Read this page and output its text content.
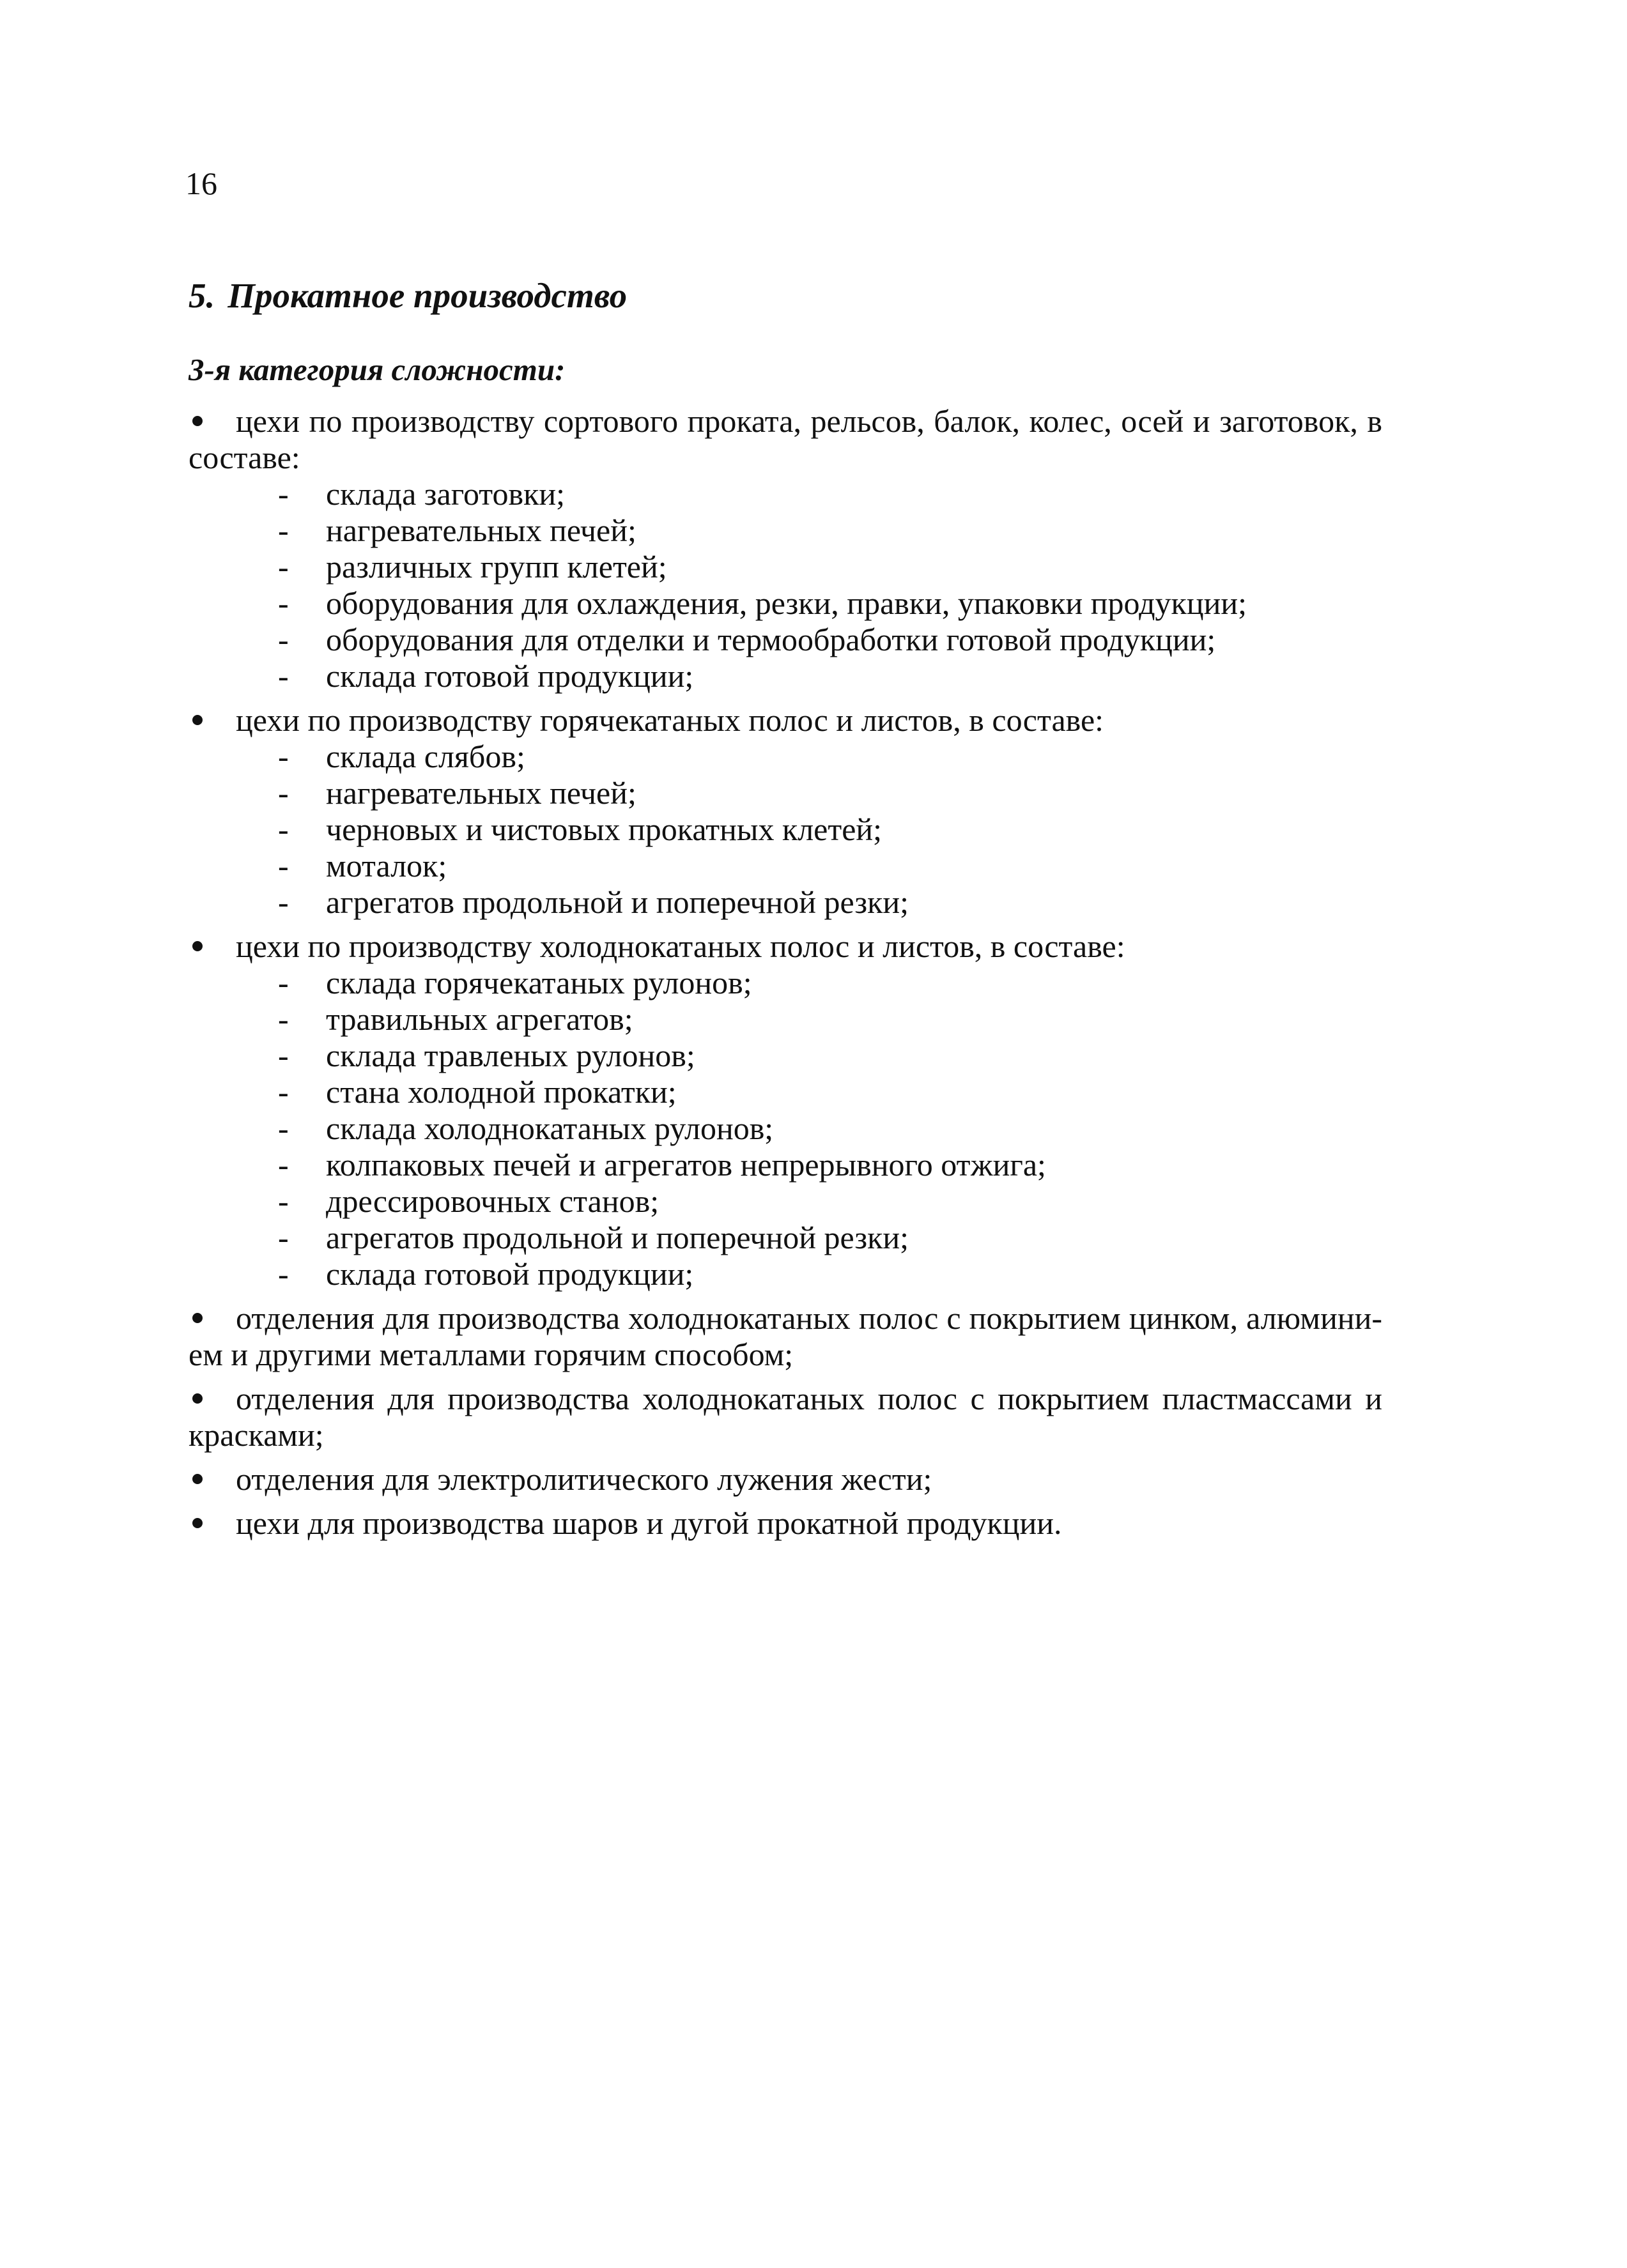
16
5. Прокатное производство
3-я категория сложности:
цехи по производству сортового проката, рельсов, балок, колес, осей и заготовок, в составе:
- склада заготовки;
- нагревательных печей;
- различных групп клетей;
- оборудования для охлаждения, резки, правки, упаковки продукции;
- оборудования для отделки и термообработки готовой продукции;
- склада готовой продукции;
цехи по производству горячекатаных полос и листов, в составе:
- склада слябов;
- нагревательных печей;
- черновых и чистовых прокатных клетей;
- моталок;
- агрегатов продольной и поперечной резки;
цехи по производству холоднокатаных полос и листов, в составе:
- склада горячекатаных рулонов;
- травильных агрегатов;
- склада травленых рулонов;
- стана холодной прокатки;
- склада холоднокатаных рулонов;
- колпаковых печей и агрегатов непрерывного отжига;
- дрессировочных станов;
- агрегатов продольной и поперечной резки;
- склада готовой продукции;
отделения для производства холоднокатаных полос с покрытием цинком, алюмини-ем и другими металлами горячим способом;
отделения для производства холоднокатаных полос с покрытием пластмассами и красками;
отделения для электролитического лужения жести;
цехи для производства шаров и дугой прокатной продукции.
